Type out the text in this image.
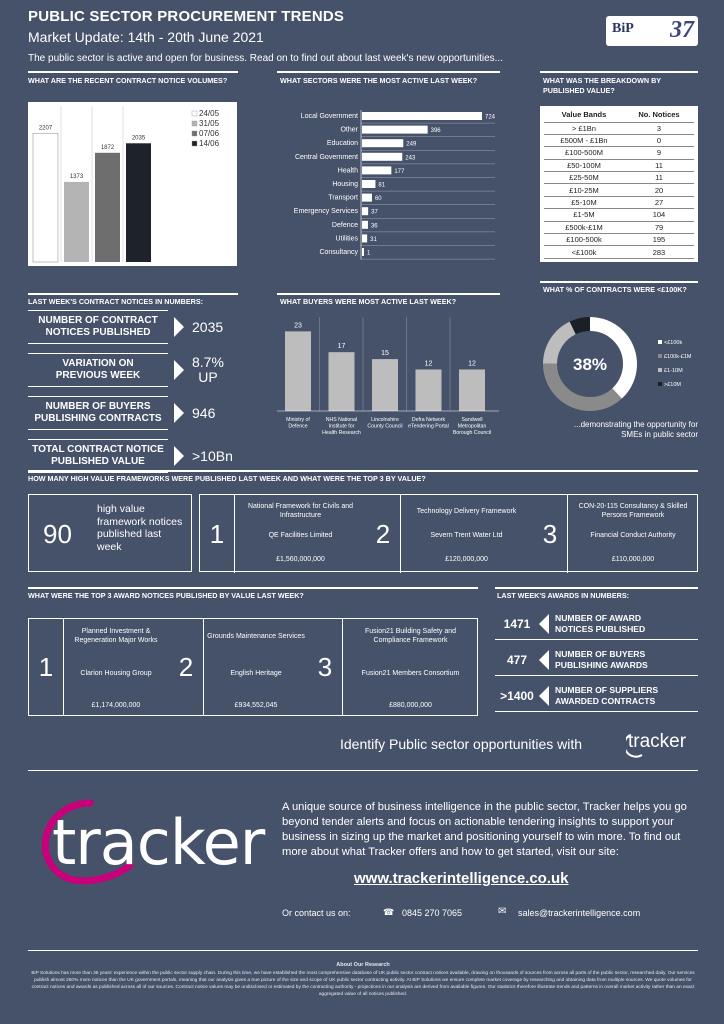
PUBLIC SECTOR PROCUREMENT TRENDS
Market Update: 14th - 20th June 2021
The public sector is active and open for business. Read on to find out about last week's new opportunities...
BiP 37
WHAT ARE THE RECENT CONTRACT NOTICE VOLUMES?	WHAT SECTORS WERE THE MOST ACTIVE LAST WEEK?	WHAT WAS THE BREAKDOWN BY PUBLISHED VALUE?
2207
1373
1872
2035
24/05
31/05
07/06
14/06
Local Government	724
Other	396
Education	249
Central Government	243
Health	177
Housing	81
Transport	60
Emergency Services 37
Defence 36
Utilities 31
Consultancy 1
Value Bands	No. Notices
> £1Bn	3
£500M - £1Bn	0
£100-500M	9
£50-100M	11
£25-50M	11
£10-25M	20
£5-10M	27
£1-5M	104
£500k-£1M	79
£100-500k	195
<£100k	283
LAST WEEK'S CONTRACT NOTICES IN NUMBERS:	WHAT BUYERS WERE MOST ACTIVE LAST WEEK?
WHAT % OF CONTRACTS WERE <£100K?
NUMBER OF CONTRACT
NOTICES PUBLISHED	2035
VARIATION ON
PREVIOUS WEEK
8.7%
UP
NUMBER OF BUYERS
PUBLISHING CONTRACTS 946
TOTAL CONTRACT NOTICE
PUBLISHED VALUE	>10Bn
23
17
15
12	12
Ministry of Defence
NHS National Institute for Health Research
Lincolnshire County Council
Defra Network eTendering Portal
Sandwell Metropolitan Borough Council
38%
<£100k
£100k-£1M
£1-10M
>£10M
...demonstrating the opportunity for SMEs in public sector
HOW MANY HIGH VALUE FRAMEWORKS WERE PUBLISHED LAST WEEK AND WHAT WERE THE TOP 3 BY VALUE?
90
high value framework notices published last week	1
National Framework for Civils and Infrastructure
QE Facilities Limited
£1,560,000,000
2
Technology Delivery Framework
Severn Trent Water Ltd
£120,000,000
3
CON-20-115 Consultancy & Skilled Persons Framework
Financial Conduct Authority
£110,000,000
WHAT WERE THE TOP 3 AWARD NOTICES PUBLISHED BY VALUE LAST WEEK?
1
Planned Investment & Regeneration Major Works
Clarion Housing Group
£1,174,000,000
2
Grounds Maintenance Services
English Heritage
£934,552,045
3
Fusion21 Building Safety and Compliance Framework
Fusion21 Members Consortium
£880,000,000
LAST WEEK'S AWARDS IN NUMBERS:
1471	NUMBER OF AWARD
NOTICES PUBLISHED
477	NUMBER OF BUYERS
PUBLISHING AWARDS
>1400	NUMBER OF SUPPLIERS
AWARDED CONTRACTS
Identify Public sector opportunities with tracker
tracker A unique source of business intelligence in the public sector, Tracker helps you go beyond tender alerts and focus on actionable tendering insights to support your business in sizing up the market and positioning yourself to win more. To find out more about what Tracker offers and how to get started, visit our site:
www.trackerintelligence.co.uk
Or contact us on:	☎ 0845 270 7065	✉ sales@trackerintelligence.com
About Our Research
BiP Solutions has more than 36 years' experience within the public sector supply chain. During this time, we have established the most comprehensive database of UK public sector contract notices available, drawing on thousands of sources from across all parts of the public sector, researched daily. Our services publish almost 250% more notices than the UK government portals, meaning that our analysis gives a true picture of the size and scope of UK public sector contracting activity. At BiP Solutions we ensure complete market coverage by researching and obtaining data from multiple sources. We quote volumes for contract notices and awards as published across all of our sources. Contract notice values may be undisclosed or estimated by the contracting authority - projections in our analysis are derived from available figures. Our statistics therefore illustrate trends and patterns in overall market activity rather than an exact aggregated value of all notices published.
